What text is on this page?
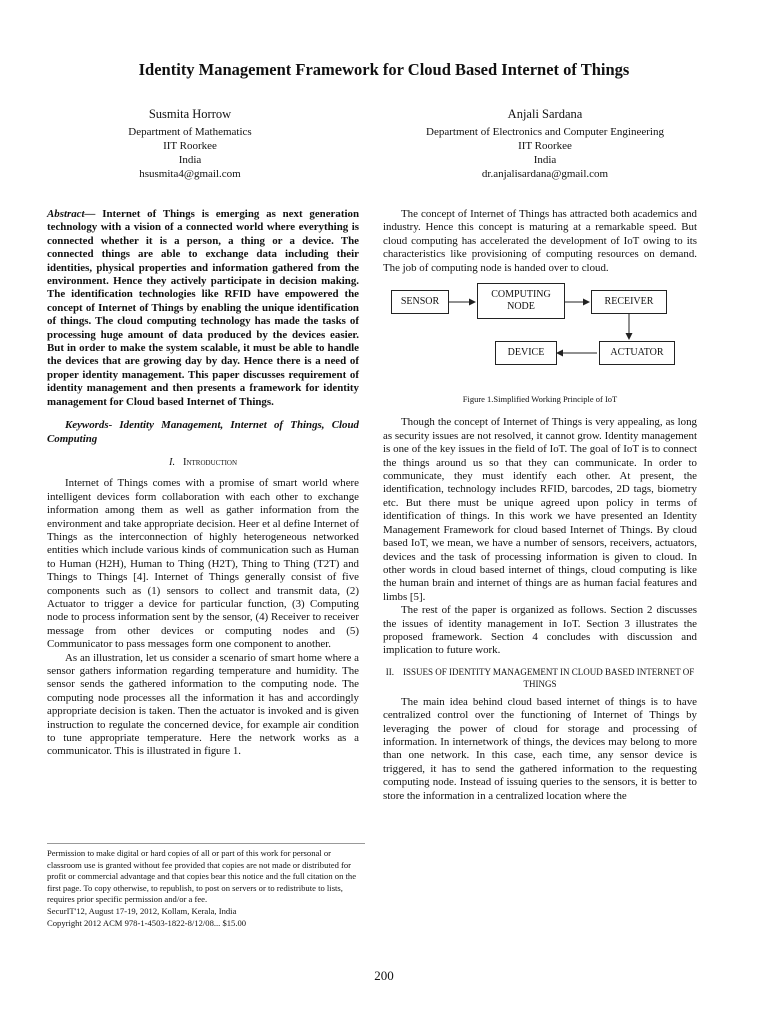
Identity Management Framework for Cloud Based Internet of Things
Susmita Horrow
Department of Mathematics
IIT Roorkee
India
hsusmita4@gmail.com
Anjali Sardana
Department of Electronics and Computer Engineering
IIT Roorkee
India
dr.anjalisardana@gmail.com

Abstract— Internet of Things is emerging as next generation technology with a vision of a connected world where everything is connected whether it is a person, a thing or a device. The connected things are able to exchange data including their identities, physical properties and information gathered from the environment. Hence they actively participate in decision making. The identification technologies like RFID have empowered the concept of Internet of Things by enabling the unique identification of things. The cloud computing technology has made the tasks of processing huge amount of data produced by the devices easier. But in order to make the system scalable, it must be able to handle the devices that are growing day by day. Hence there is a need of proper identity management. This paper discusses requirement of identity management and then presents a framework for identity management for Cloud based Internet of Things.

Keywords- Identity Management, Internet of Things, Cloud Computing

I. Introduction

Internet of Things comes with a promise of smart world where intelligent devices form collaboration with each other to exchange information among them as well as gather information from the environment and take appropriate decision. Heer et al define Internet of Things as the interconnection of highly heterogeneous networked entities which include various kinds of communication such as Human to Human (H2H), Human to Thing (H2T), Thing to Thing (T2T) and Things to Things [4]. Internet of Things generally consist of five components such as (1) sensors to collect and transmit data, (2) Actuator to trigger a device for particular function, (3) Computing node to process information sent by the sensor, (4) Receiver to receiver message from other devices or computing nodes and (5) Communicator to pass messages form one component to another.

As an illustration, let us consider a scenario of smart home where a sensor gathers information regarding temperature and humidity. The sensor sends the gathered information to the computing node. The computing node processes all the information it has and accordingly appropriate decision is taken. Then the actuator is invoked and is given instruction to regulate the concerned device, for example air condition to tune appropriate temperature. Here the network works as a communicator. This is illustrated in figure 1.

The concept of Internet of Things has attracted both academics and industry. Hence this concept is maturing at a remarkable speed. But cloud computing has accelerated the development of IoT owing to its characteristics like provisioning of computing resources on demand. The job of computing node is handed over to cloud.

SENSOR
COMPUTING NODE	RECEIVER
DEVICE	ACTUATOR
Figure 1.Simplified Working Principle of IoT

Though the concept of Internet of Things is very appealing, as long as security issues are not resolved, it cannot grow. Identity management is one of the key issues in the field of IoT. The goal of IoT is to connect the things around us so that they can communicate. In order to communicate, they must identify each other. At present, the identification, technology includes RFID, barcodes, 2D tags, biometry etc. But there must be unique agreed upon policy in terms of identification of things. In this work we have presented an Identity Management Framework for cloud based Internet of Things. By cloud based IoT, we mean, we have a number of sensors, receivers, actuators, devices and the task of processing information is given to cloud. In other words in cloud based internet of things, cloud computing is like the human brain and internet of things are as human facial features and limbs [5].

The rest of the paper is organized as follows. Section 2 discusses the issues of identity management in IoT. Section 3 illustrates the proposed framework. Section 4 concludes with discussion and implication to future work.

II. ISSUES OF IDENTITY MANAGEMENT IN CLOUD BASED INTERNET OF THINGS

The main idea behind cloud based internet of things is to have centralized control over the functioning of Internet of Things by leveraging the power of cloud for storage and processing of information. In internetwork of things, the devices may belong to more than one network. In this case, each time, any sensor device is triggered, it has to send the gathered information to the requesting computing node. Instead of issuing queries to the sensors, it is better to store the information in a centralized location where the

Permission to make digital or hard copies of all or part of this work for personal or classroom use is granted without fee provided that copies are not made or distributed for profit or commercial advantage and that copies bear this notice and the full citation on the first page. To copy otherwise, to republish, to post on servers or to redistribute to lists, requires prior specific permission and/or a fee.
SecurIT'12, August 17-19, 2012, Kollam, Kerala, India
Copyright 2012 ACM 978-1-4503-1822-8/12/08... $15.00
200
